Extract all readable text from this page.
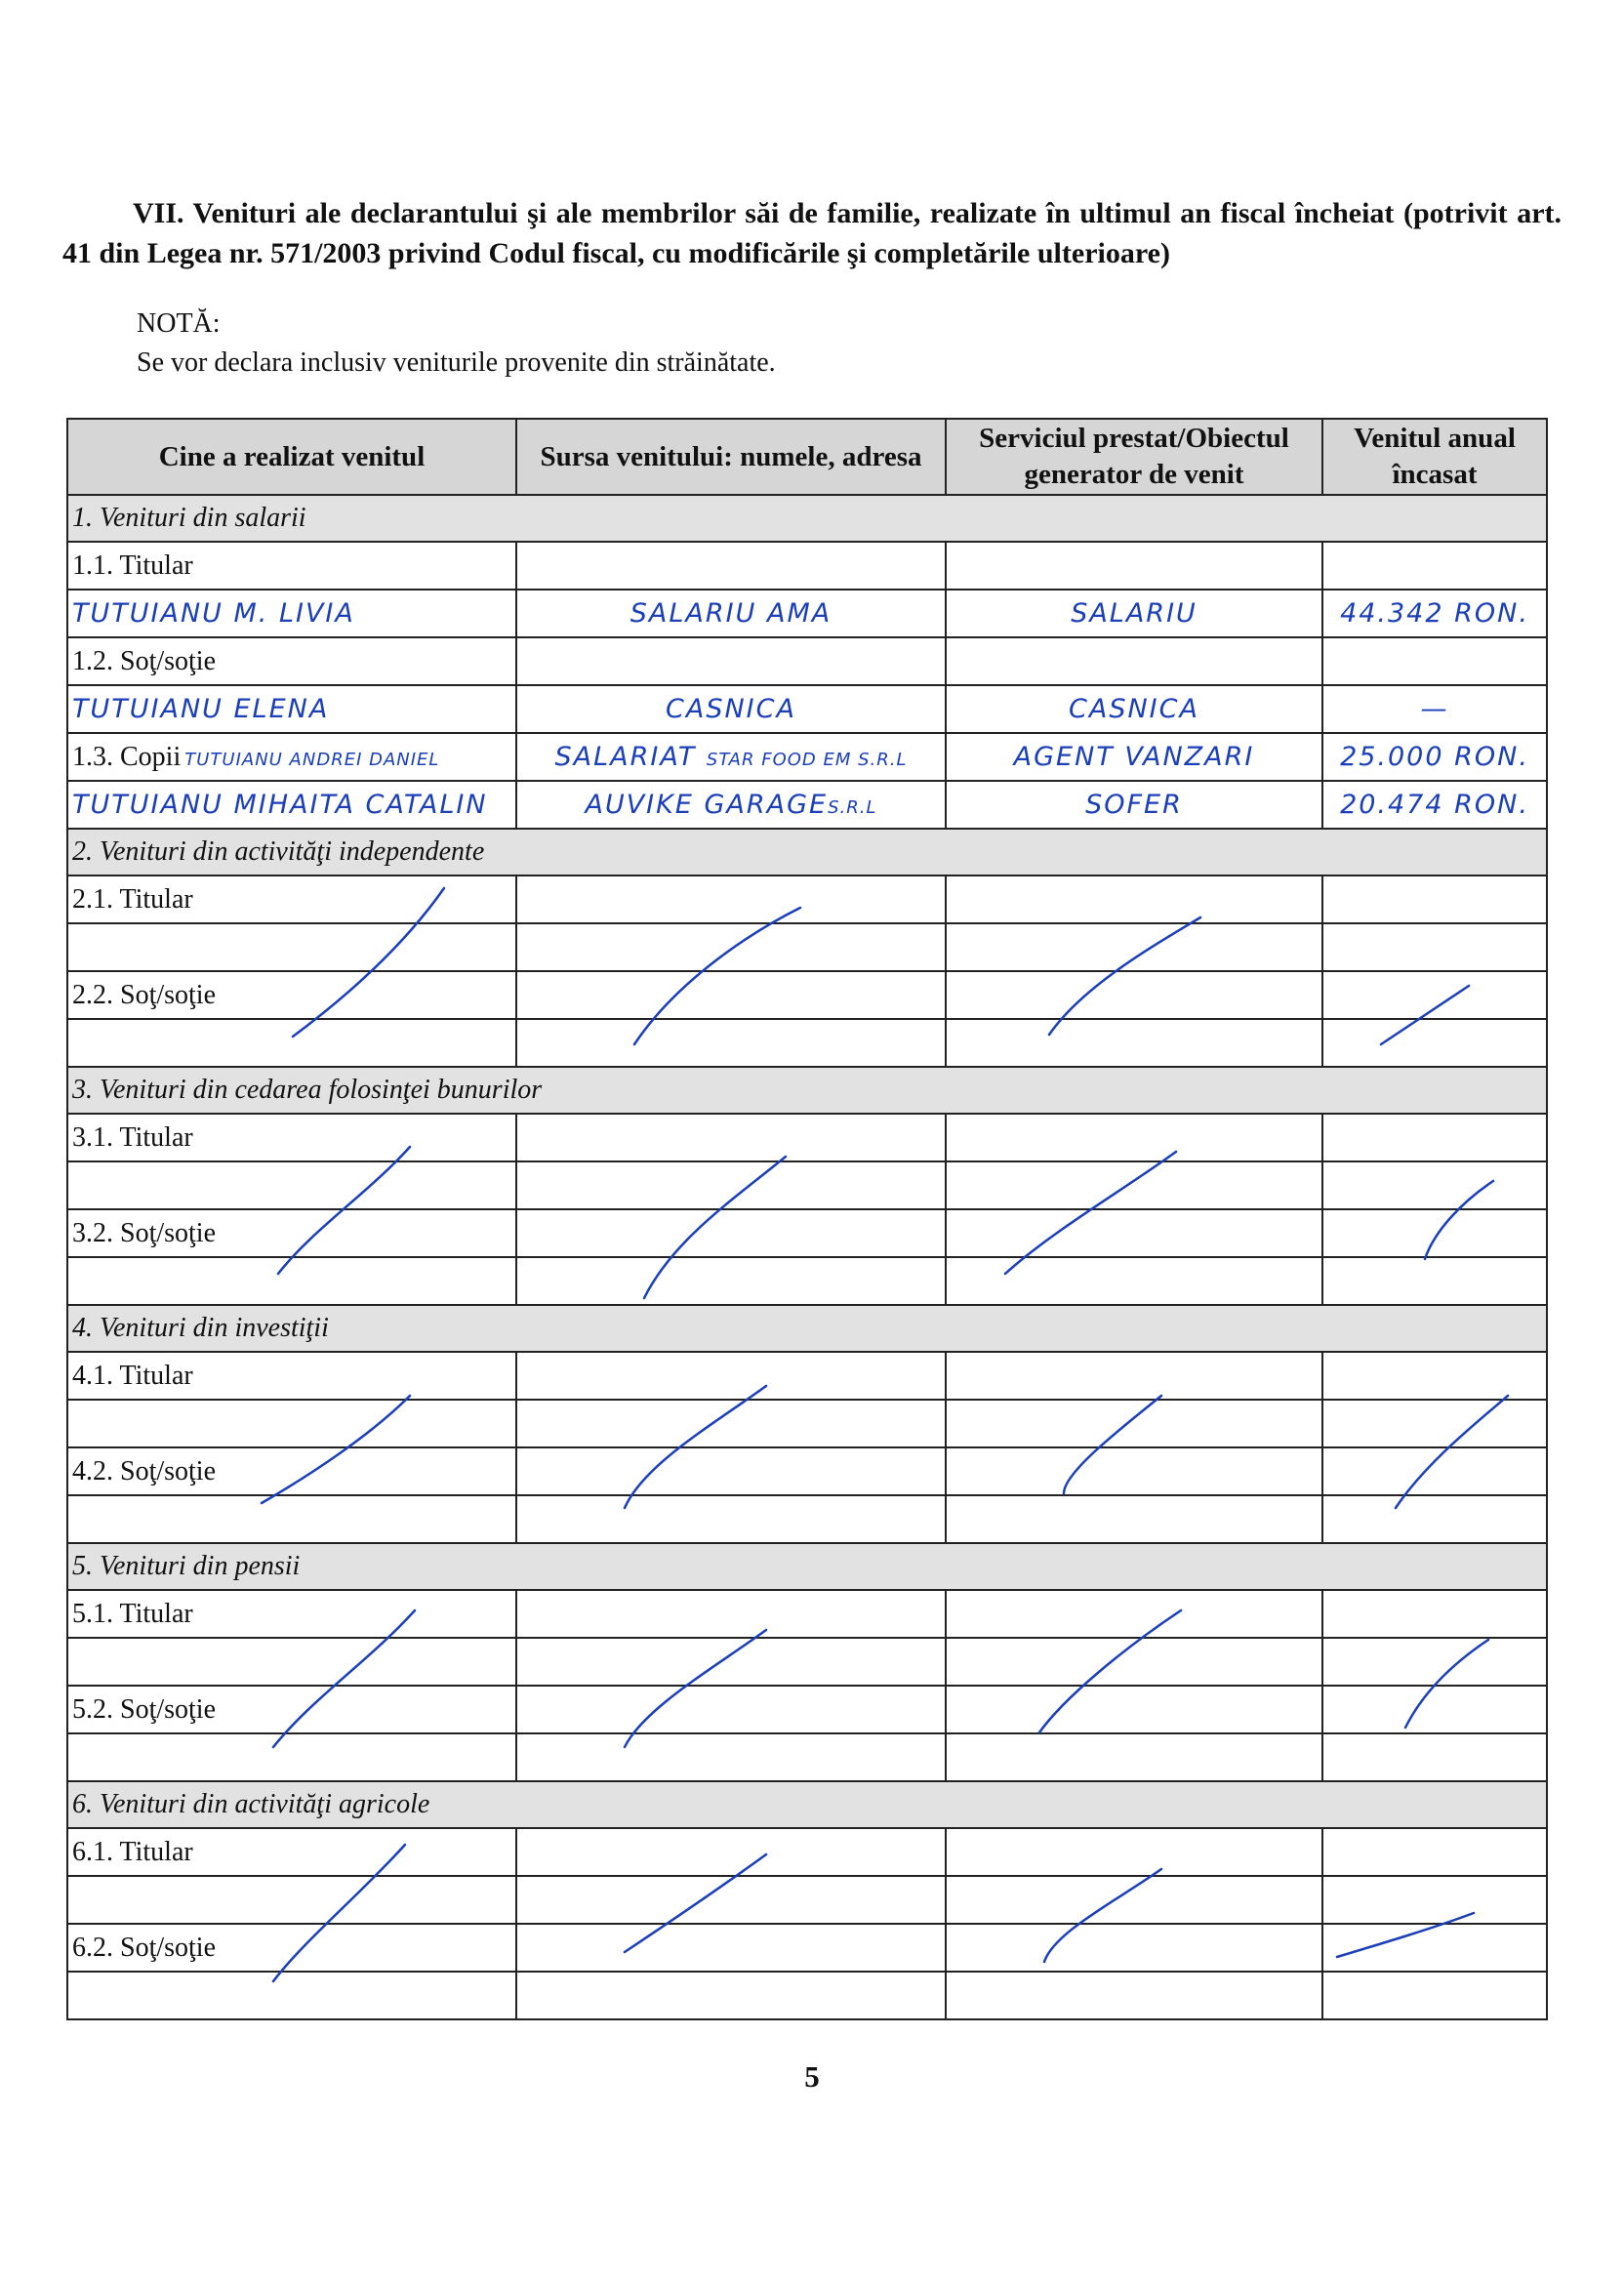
VII. Venituri ale declarantului şi ale membrilor săi de familie, realizate în ultimul an fiscal încheiat (potrivit art. 41 din Legea nr. 571/2003 privind Codul fiscal, cu modificările şi completările ulterioare)
NOTĂ:
Se vor declara inclusiv veniturile provenite din străinătate.
Cine a realizat venitul	Sursa venitului: numele, adresa	Serviciul prestat/Obiectul generator de venit	Venitul anual încasat
1. Venituri din salarii			
1.1. Titular			
TUTUIANU M. LIVIA	SALARIU AMA	SALARIU	44.342 RON.
1.2. Soţ/soţie			
TUTUIANU ELENA	CASNICA	CASNICA	—
1.3. Copii TUTUIANU ANDREI DANIEL	SALARIAT STAR FOOD EM S.R.L	AGENT VANZARI	25.000 RON.
TUTUIANU MIHAITA CATALIN	AUVIKE GARAGES.R.L	SOFER	20.474 RON.
2. Venituri din activităţi independente			
2.1. Titular			

2.2. Soţ/soţie			

3. Venituri din cedarea folosinţei bunurilor			
3.1. Titular			

3.2. Soţ/soţie			

4. Venituri din investiţii			
4.1. Titular			

4.2. Soţ/soţie			

5. Venituri din pensii			
5.1. Titular			

5.2. Soţ/soţie			

6. Venituri din activităţi agricole			
6.1. Titular			

6.2. Soţ/soţie			

5
